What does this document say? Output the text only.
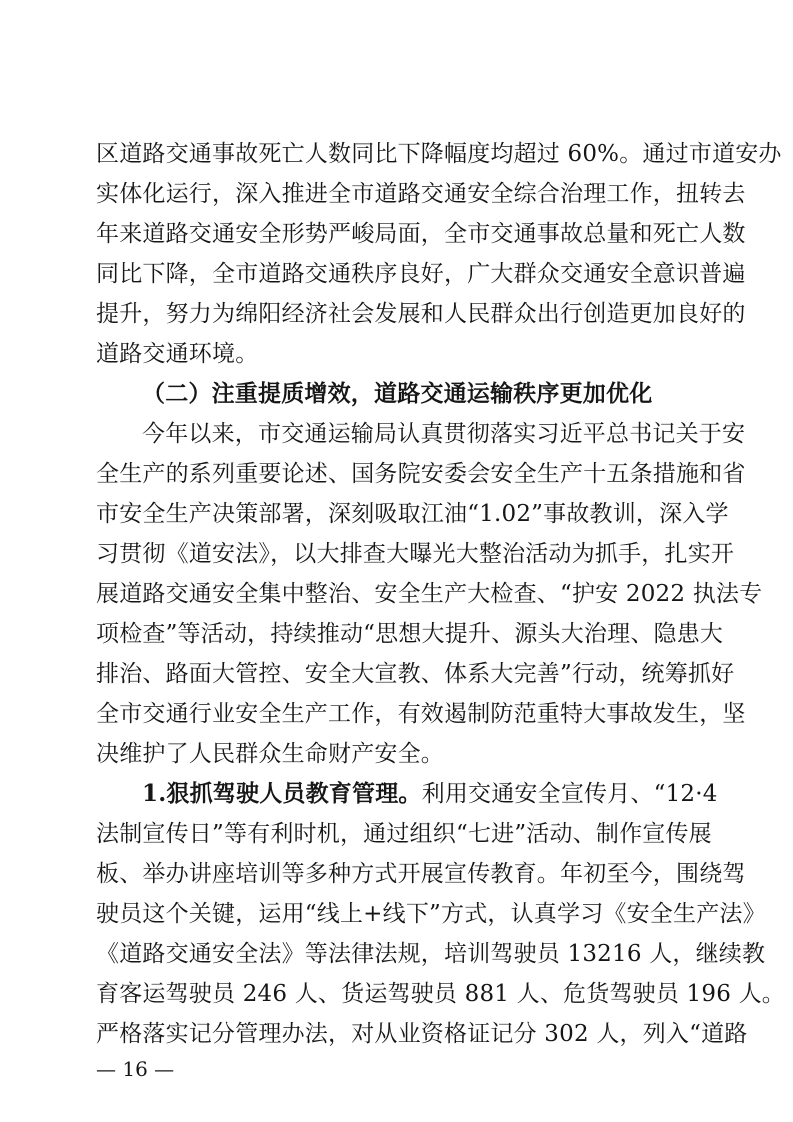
区道路交通事故死亡人数同比下降幅度均超过 60%。通过市道安办
实体化运行，深入推进全市道路交通安全综合治理工作，扭转去
年来道路交通安全形势严峻局面，全市交通事故总量和死亡人数
同比下降，全市道路交通秩序良好，广大群众交通安全意识普遍
提升，努力为绵阳经济社会发展和人民群众出行创造更加良好的
道路交通环境。
（二）注重提质增效，道路交通运输秩序更加优化
今年以来，市交通运输局认真贯彻落实习近平总书记关于安
全生产的系列重要论述、国务院安委会安全生产十五条措施和省
市安全生产决策部署，深刻吸取江油“1.02”事故教训，深入学
习贯彻《道安法》，以大排查大曝光大整治活动为抓手，扎实开
展道路交通安全集中整治、安全生产大检查、“护安 2022 执法专
项检查”等活动，持续推动“思想大提升、源头大治理、隐患大
排治、路面大管控、安全大宣教、体系大完善”行动，统筹抓好
全市交通行业安全生产工作，有效遏制防范重特大事故发生，坚
决维护了人民群众生命财产安全。
1.狠抓驾驶人员教育管理。利用交通安全宣传月、“12·4
法制宣传日”等有利时机，通过组织“七进”活动、制作宣传展
板、举办讲座培训等多种方式开展宣传教育。年初至今，围绕驾
驶员这个关键，运用“线上+线下”方式，认真学习《安全生产法》
《道路交通安全法》等法律法规，培训驾驶员 13216 人，继续教
育客运驾驶员 246 人、货运驾驶员 881 人、危货驾驶员 196 人。
严格落实记分管理办法，对从业资格证记分 302 人，列入“道路
— 16 —
